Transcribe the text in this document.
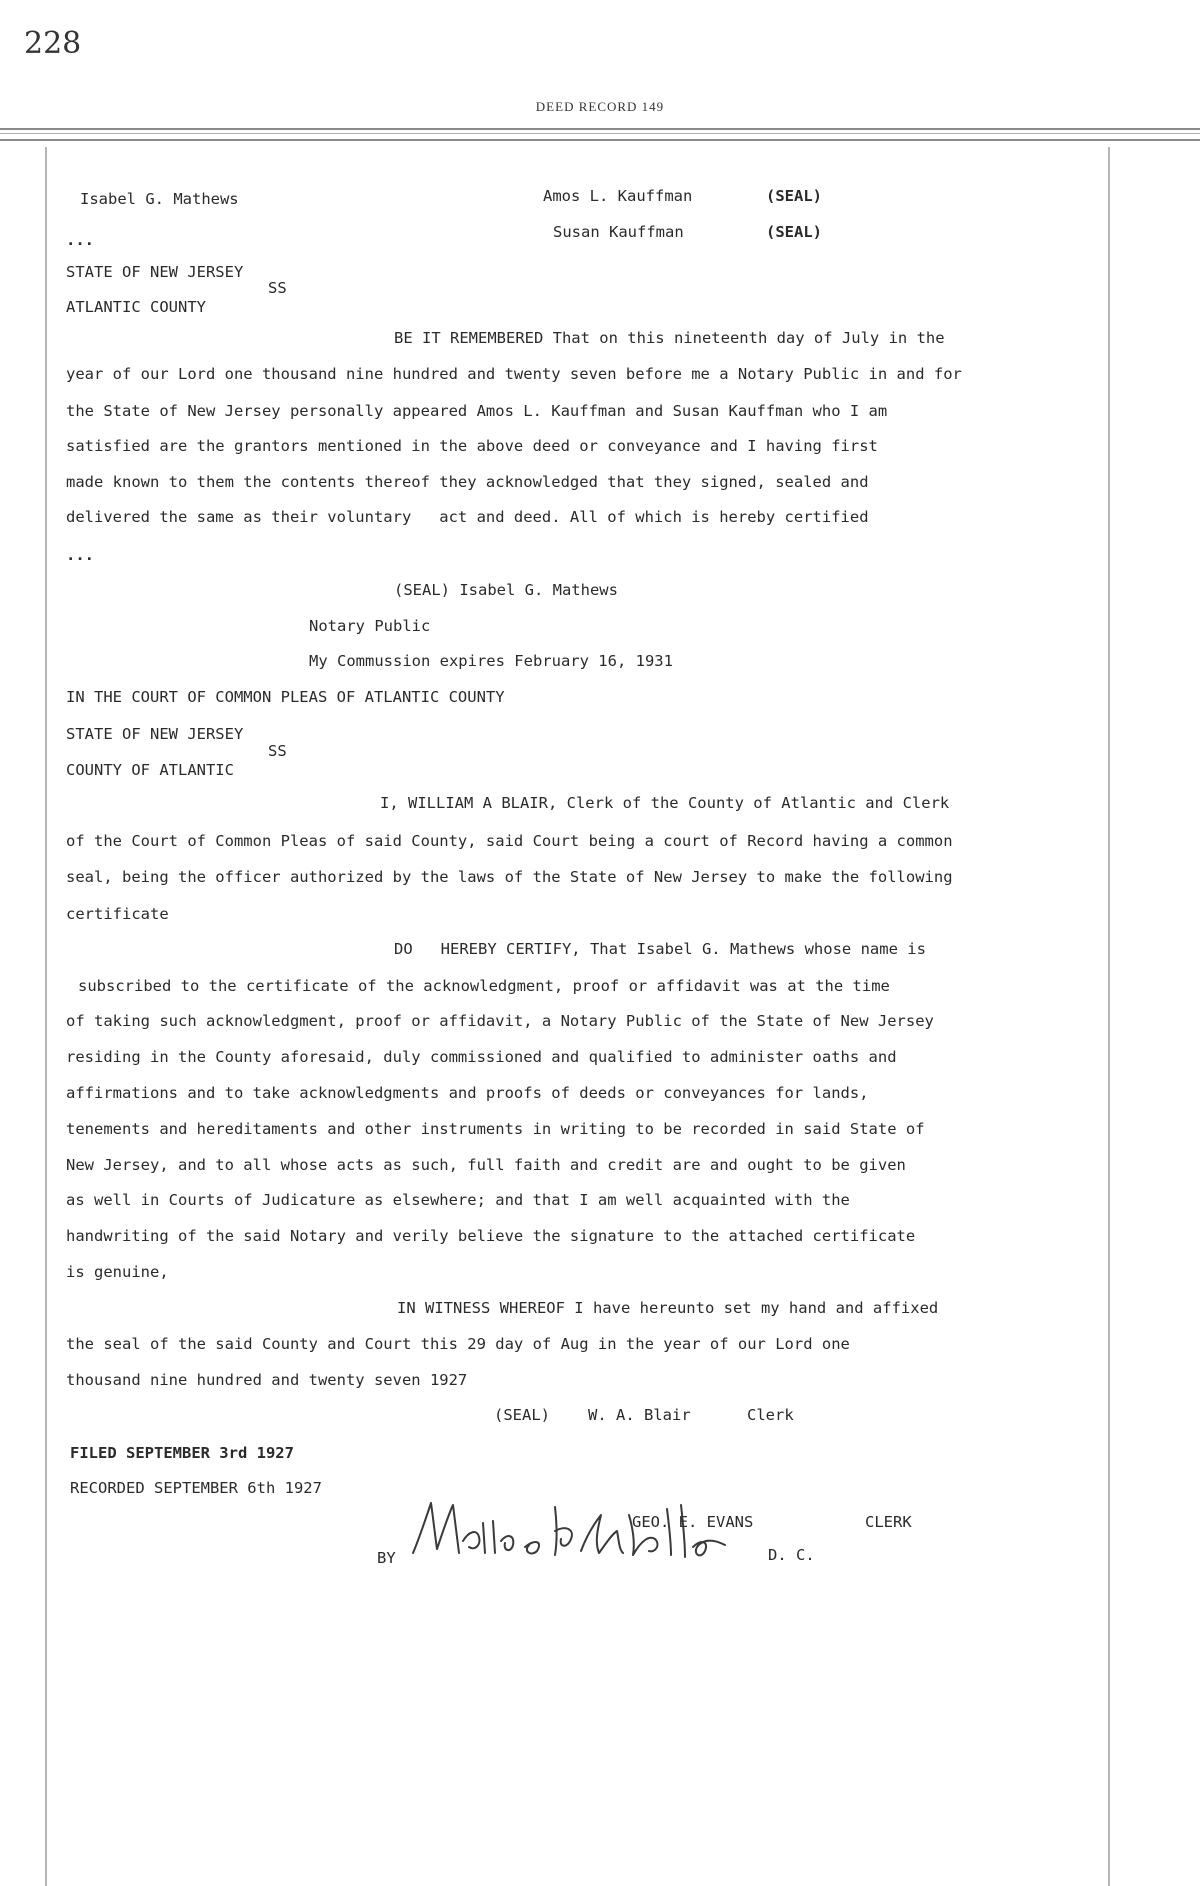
228
DEED RECORD 149
Isabel G. Mathews	Amos L. Kauffman	(SEAL)
Susan Kauffman	(SEAL)
...
STATE OF NEW JERSEY
SS
ATLANTIC COUNTY
BE IT REMEMBERED That on this nineteenth day of July in the
year of our Lord one thousand nine hundred and twenty seven before me a Notary Public in and for
the State of New Jersey personally appeared Amos L. Kauffman and Susan Kauffman who I am
satisfied are the grantors mentioned in the above deed or conveyance and I having first
made known to them the contents thereof they acknowledged that they signed, sealed and
delivered the same as their voluntary   act and deed. All of which is hereby certified
...
(SEAL) Isabel G. Mathews
Notary Public
My Commussion expires February 16, 1931
IN THE COURT OF COMMON PLEAS OF ATLANTIC COUNTY
STATE OF NEW JERSEY
SS
COUNTY OF ATLANTIC
I, WILLIAM A BLAIR, Clerk of the County of Atlantic and Clerk
of the Court of Common Pleas of said County, said Court being a court of Record having a common
seal, being the officer authorized by the laws of the State of New Jersey to make the following
certificate
DO   HEREBY CERTIFY, That Isabel G. Mathews whose name is
subscribed to the certificate of the acknowledgment, proof or affidavit was at the time
of taking such acknowledgment, proof or affidavit, a Notary Public of the State of New Jersey
residing in the County aforesaid, duly commissioned and qualified to administer oaths and
affirmations and to take acknowledgments and proofs of deeds or conveyances for lands,
tenements and hereditaments and other instruments in writing to be recorded in said State of
New Jersey, and to all whose acts as such, full faith and credit are and ought to be given
as well in Courts of Judicature as elsewhere; and that I am well acquainted with the
handwriting of the said Notary and verily believe the signature to the attached certificate
is genuine,
IN WITNESS WHEREOF I have hereunto set my hand and affixed
the seal of the said County and Court this 29 day of Aug in the year of our Lord one
thousand nine hundred and twenty seven 1927
(SEAL) W. A. Blair	Clerk
FILED SEPTEMBER 3rd 1927
RECORDED SEPTEMBER 6th 1927
GEO. E. EVANS	CLERK
BY	D. C.
